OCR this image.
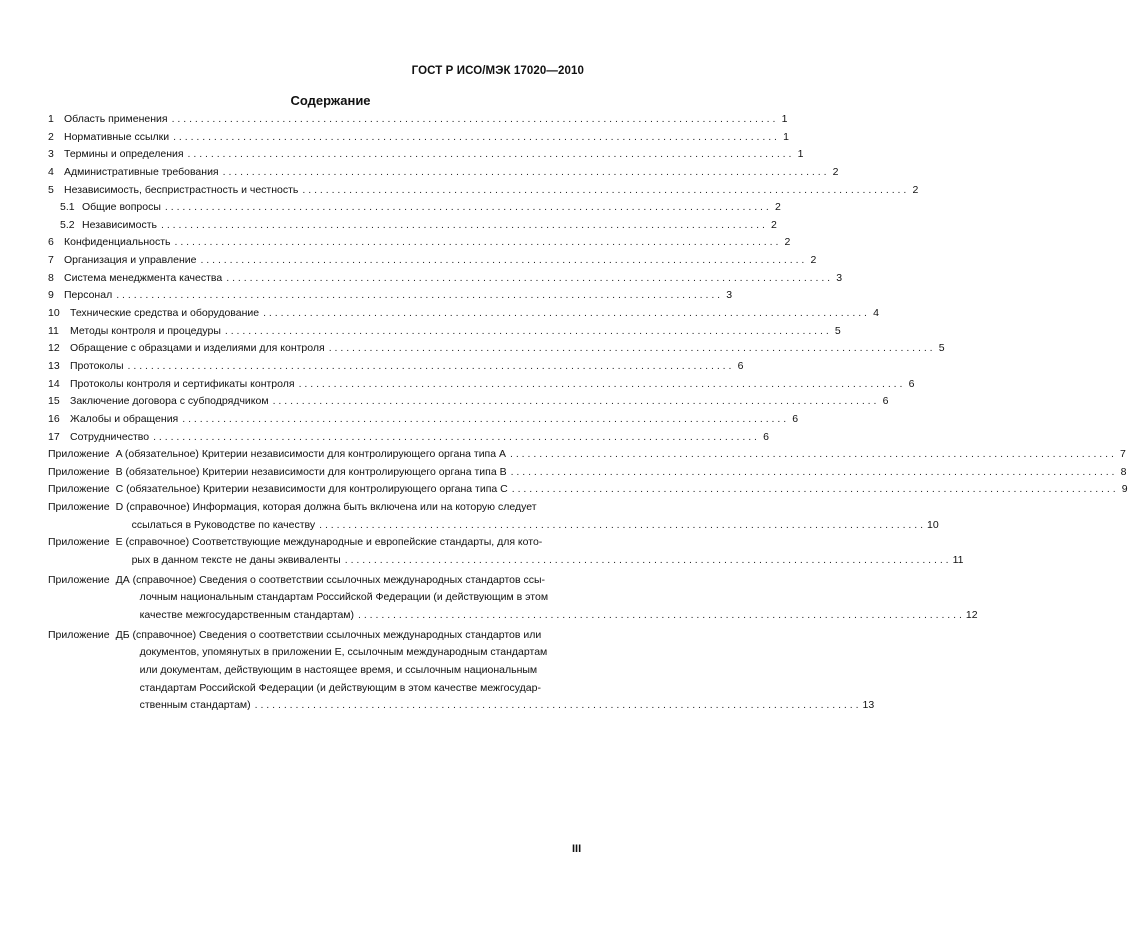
ГОСТ Р ИСО/МЭК 17020—2010
Содержание
1 Область применения . . .	1
2 Нормативные ссылки . . .	1
3 Термины и определения . . .	1
4 Административные требования . . .	2
5 Независимость, беспристрастность и честность . . .	2
5.1 Общие вопросы . . .	2
5.2 Независимость . . .	2
6 Конфиденциальность . . .	2
7 Организация и управление . . .	2
8 Система менеджмента качества . . .	3
9 Персонал . . .	3
10 Технические средства и оборудование . . .	4
11	Методы контроля и процедуры . . .	5
12 Обращение с образцами и изделиями для контроля . . .	5
13 Протоколы . . .	6
14 Протоколы контроля и сертификаты контроля . . .	6
15 Заключение договора с субподрядчиком . . .	6
16 Жалобы и обращения . . .	6
17 Сотрудничество . . .	6
Приложение A (обязательное) Критерии независимости для контролирующего органа типа A . . .	7
Приложение B (обязательное) Критерии независимости для контролирующего органа типа B . . .	8
Приложение C (обязательное) Критерии независимости для контролирующего органа типа C . . .	9
Приложение D (справочное) Информация, которая должна быть включена или на которую следует
ссылаться в Руководстве по качеству . . .	10
Приложение E (справочное) Соответствующие международные и европейские стандарты, для кото-
рых в данном тексте не даны эквиваленты . . .	11
Приложение ДА (справочное) Сведения о соответствии ссылочных международных стандартов ссы-
лочным национальным стандартам Российской Федерации (и действующим в этом
качестве межгосударственным стандартам) . . .	12
Приложение ДБ (справочное) Сведения о соответствии ссылочных международных стандартов или
документов, упомянутых в приложении E, ссылочным международным стандартам
или документам, действующим в настоящее время, и ссылочным национальным
стандартам Российской Федерации (и действующим в этом качестве межгосудар-
ственным стандартам) . . .	13
III
